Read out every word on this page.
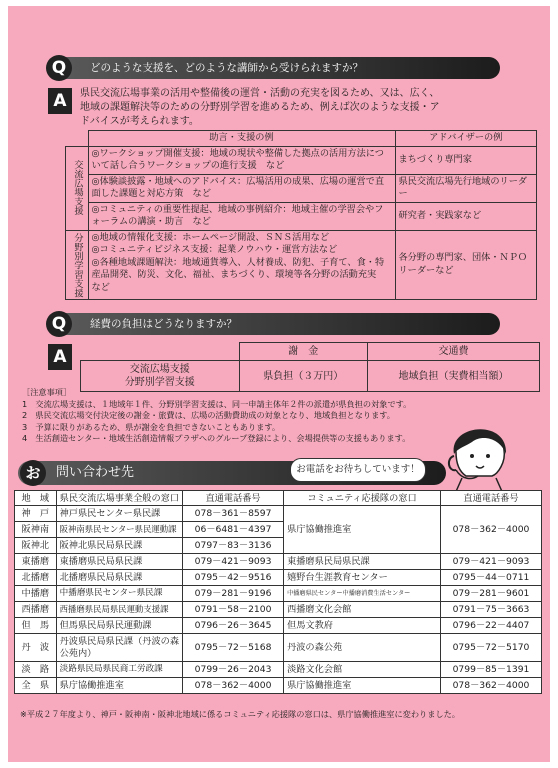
どのような支援を、どのような講師から受けられますか？
Q
A	県民交流広場事業の活用や整備後の運営・活動の充実を図るため、又は、広く、
地域の課題解決等のための分野別学習を進めるため、例えば次のような支援・ア
ドバイスが考えられます。
	助言・支援の例	アドバイザーの例
交流広場支援	◎ワークショップ開催支援：地域の現状や整備した拠点の活用方法について話し合うワークショップの進行支援　など	まちづくり専門家
	◎体験談披露・地域へのアドバイス：広場活用の成果、広場の運営で直面した課題と対応方策　など	県民交流広場先行地域のリーダー
	◎コミュニティの重要性提起、地域の事例紹介：地域主催の学習会やフォーラムの講演・助言　など	研究者・実践家など
分野別学習支援	◎地域の情報化支援：ホームページ開設、ＳＮＳ活用など
◎コミュニティビジネス支援：起業ノウハウ・運営方法など
◎各種地域課題解決：地域通貨導入、人材養成、防犯、子育て、食・特産品開発、防災、文化、福祉、まちづくり、環境等各分野の活動充実　など	各分野の専門家、団体・ＮＰＯリーダーなど
経費の負担はどうなりますか？
Q
A
		謝　金	交通費

交流広場支援
分野別学習支援	県負担（３万円）	地域負担（実費相当額）
［注意事項］
1　交流広場支援は、１地域年１件、分野別学習支援は、同一申請主体年２件の派遣が県負担の対象です。
2　県民交流広場交付決定後の謝金・旅費は、広場の活動費助成の対象となり、地域負担となります。
3　予算に限りがあるため、県が謝金を負担できないこともあります。
4　生活創造センター・地域生活創造情報プラザへのグループ登録により、会場提供等の支援もあります。
お	問い合わせ先	お電話をお待ちしています！
地　域	県民交流広場事業全般の窓口	直通電話番号	コミュニティ応援隊の窓口	直通電話番号
神　戸	神戸県民センター県民課	078－361－8597	県庁協働推進室	078－362－4000
阪神南	阪神南県民センター県民運動課	06－6481－4397		
阪神北	阪神北県民局県民課	0797－83－3136		
東播磨	東播磨県民局県民課	079－421－9093	東播磨県民局県民課	079－421－9093
北播磨	北播磨県民局県民課	0795－42－9516	嬉野台生涯教育センター	0795－44－0711
中播磨	中播磨県民センター県民課	079－281－9196	中播磨県民センター中播磨消費生活センター	079－281－9601
西播磨	西播磨県民局県民運動支援課	0791－58－2100	西播磨文化会館	0791－75－3663
但　馬	但馬県民局県民運動課	0796－26－3645	但馬文教府	0796－22－4407
丹　波	丹波県民局県民課（丹波の森公苑内）	0795－72－5168	丹波の森公苑	0795－72－5170
淡　路	淡路県民局県民商工労政課	0799－26－2043	淡路文化会館	0799－85－1391
全　県	県庁協働推進室	078－362－4000	県庁協働推進室	078－362－4000
※平成２７年度より、神戸・阪神南・阪神北地域に係るコミュニティ応援隊の窓口は、県庁協働推進室に変わりました。
